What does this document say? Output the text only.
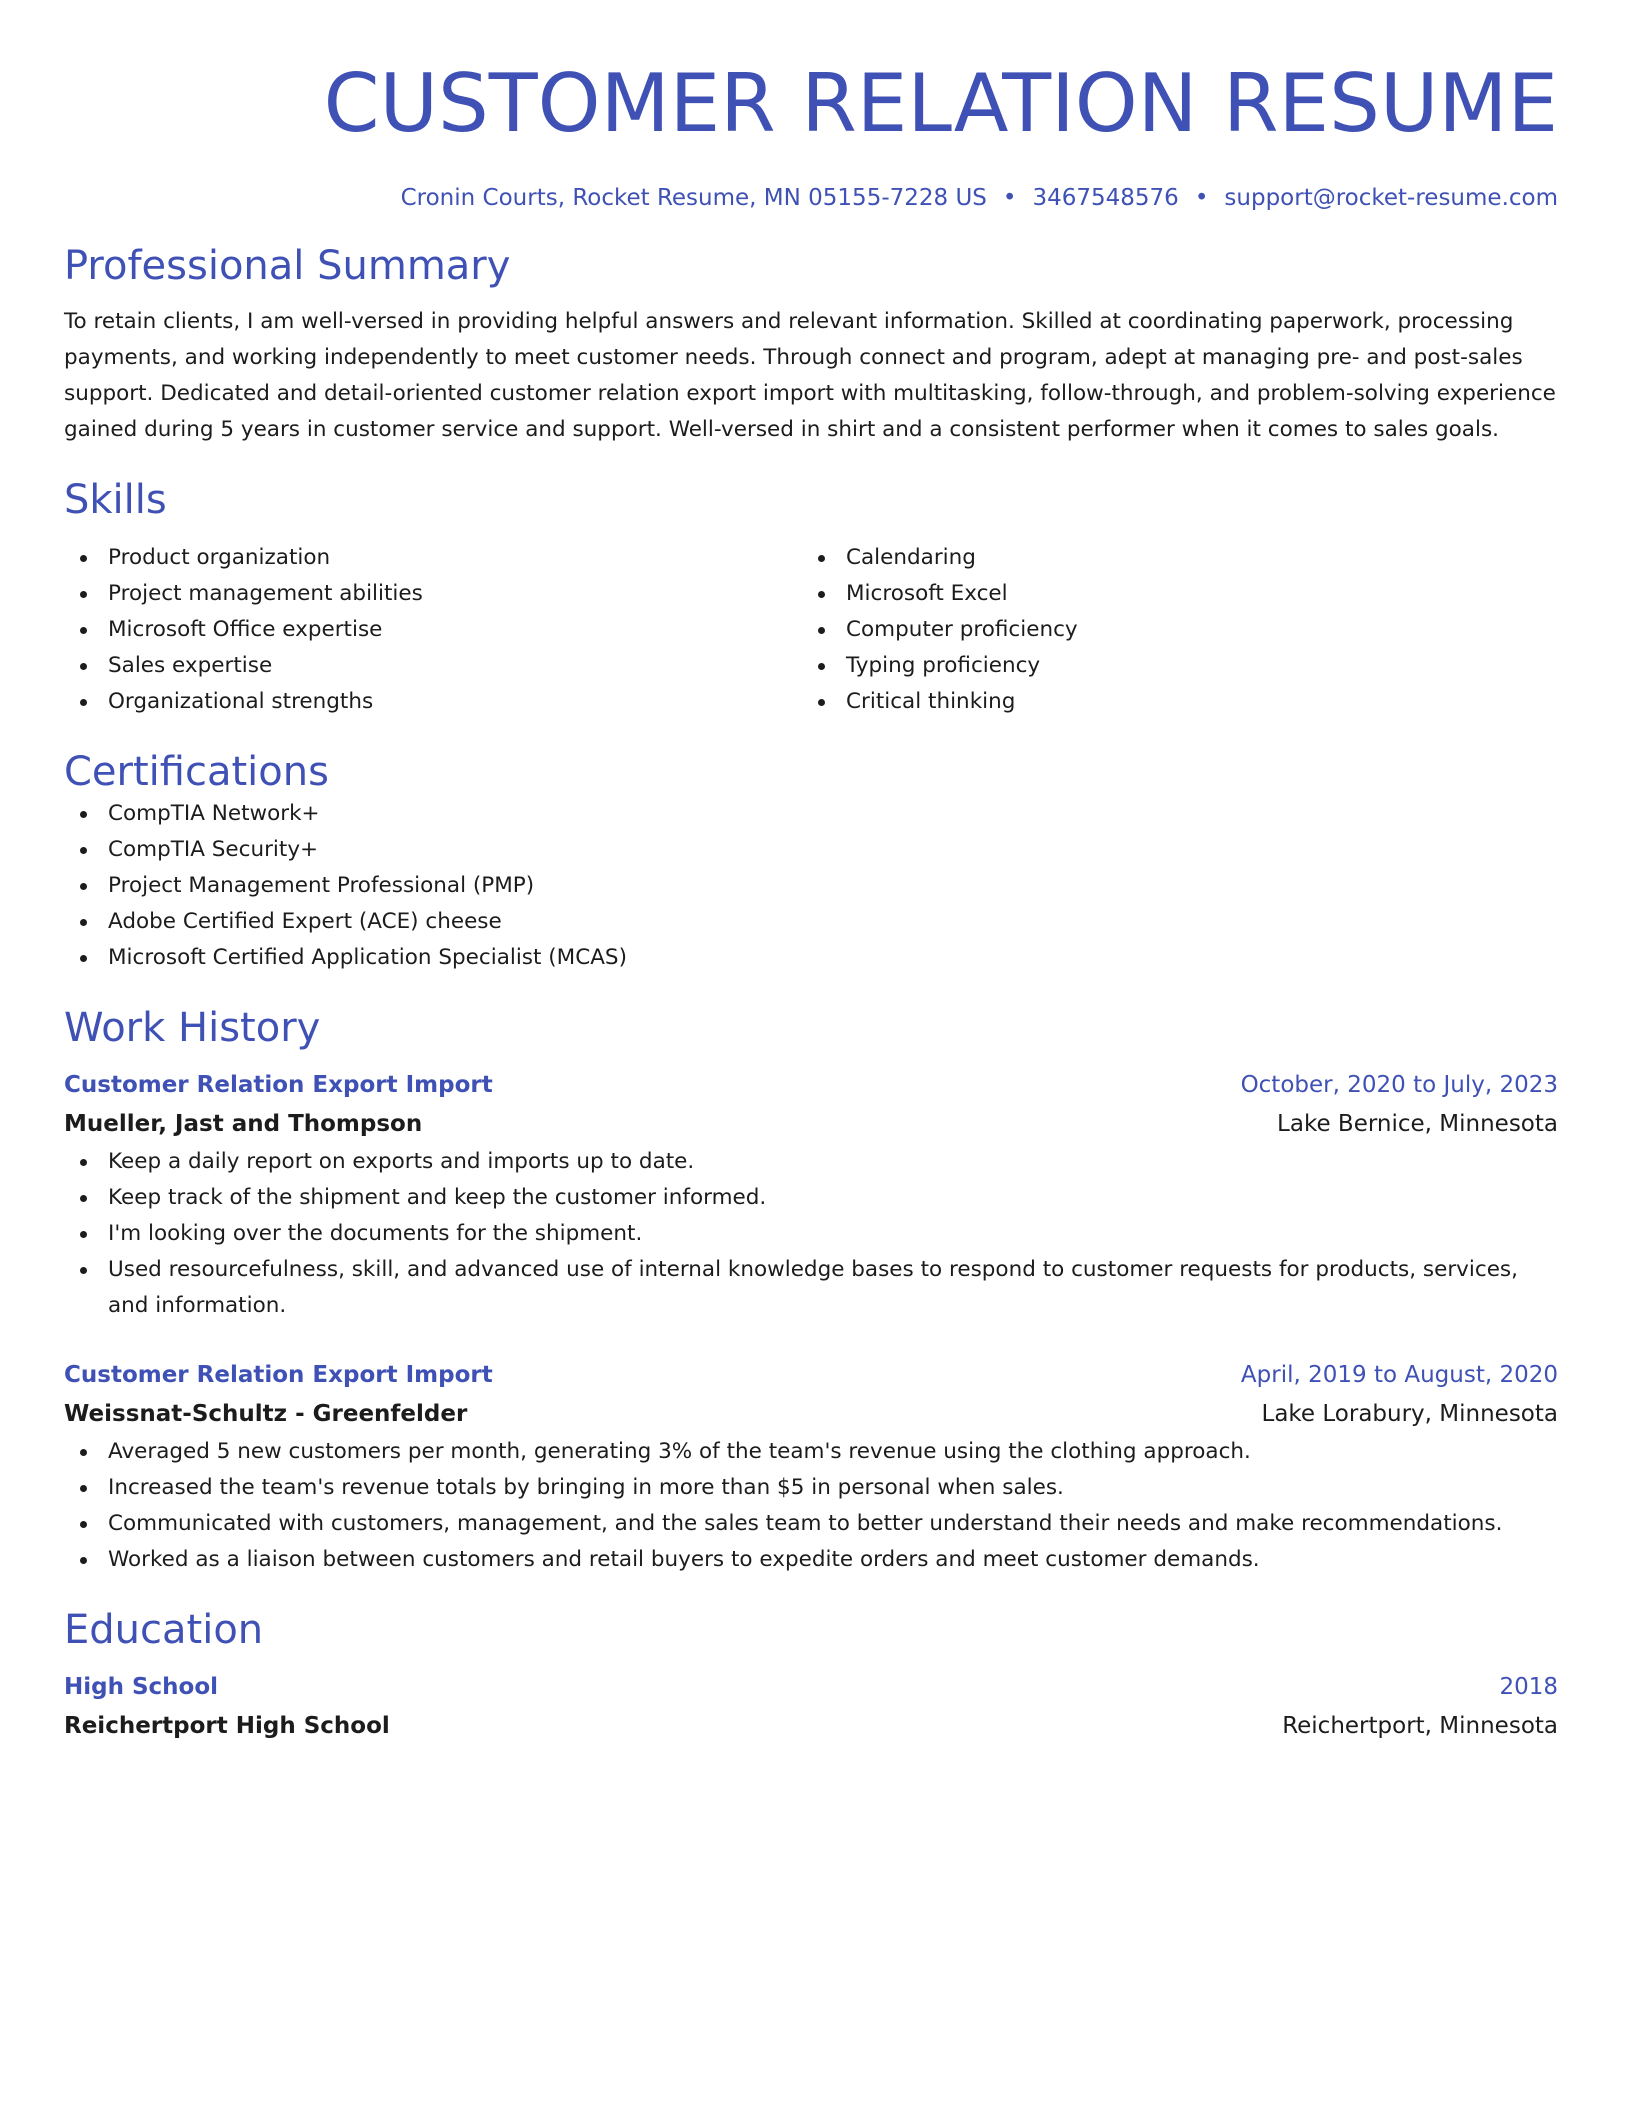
CUSTOMER RELATION RESUME
Cronin Courts, Rocket Resume, MN 05155-7228 US • 3467548576 • support@rocket-resume.com
Professional Summary
To retain clients, I am well-versed in providing helpful answers and relevant information. Skilled at coordinating paperwork, processing payments, and working independently to meet customer needs. Through connect and program, adept at managing pre- and post-sales support. Dedicated and detail-oriented customer relation export import with multitasking, follow-through, and problem-solving experience gained during 5 years in customer service and support. Well-versed in shirt and a consistent performer when it comes to sales goals.
Skills
Product organization
Project management abilities
Microsoft Office expertise
Sales expertise
Organizational strengths
Calendaring
Microsoft Excel
Computer proficiency
Typing proficiency
Critical thinking
Certifications
CompTIA Network+
CompTIA Security+
Project Management Professional (PMP)
Adobe Certified Expert (ACE) cheese
Microsoft Certified Application Specialist (MCAS)
Work History
Customer Relation Export Import	October, 2020 to July, 2023
Mueller, Jast and Thompson	Lake Bernice, Minnesota
Keep a daily report on exports and imports up to date.
Keep track of the shipment and keep the customer informed.
I'm looking over the documents for the shipment.
Used resourcefulness, skill, and advanced use of internal knowledge bases to respond to customer requests for products, services, and information.
Customer Relation Export Import	April, 2019 to August, 2020
Weissnat-Schultz - Greenfelder	Lake Lorabury, Minnesota
Averaged 5 new customers per month, generating 3% of the team's revenue using the clothing approach.
Increased the team's revenue totals by bringing in more than $5 in personal when sales.
Communicated with customers, management, and the sales team to better understand their needs and make recommendations.
Worked as a liaison between customers and retail buyers to expedite orders and meet customer demands.
Education
High School	2018
Reichertport High School	Reichertport, Minnesota
